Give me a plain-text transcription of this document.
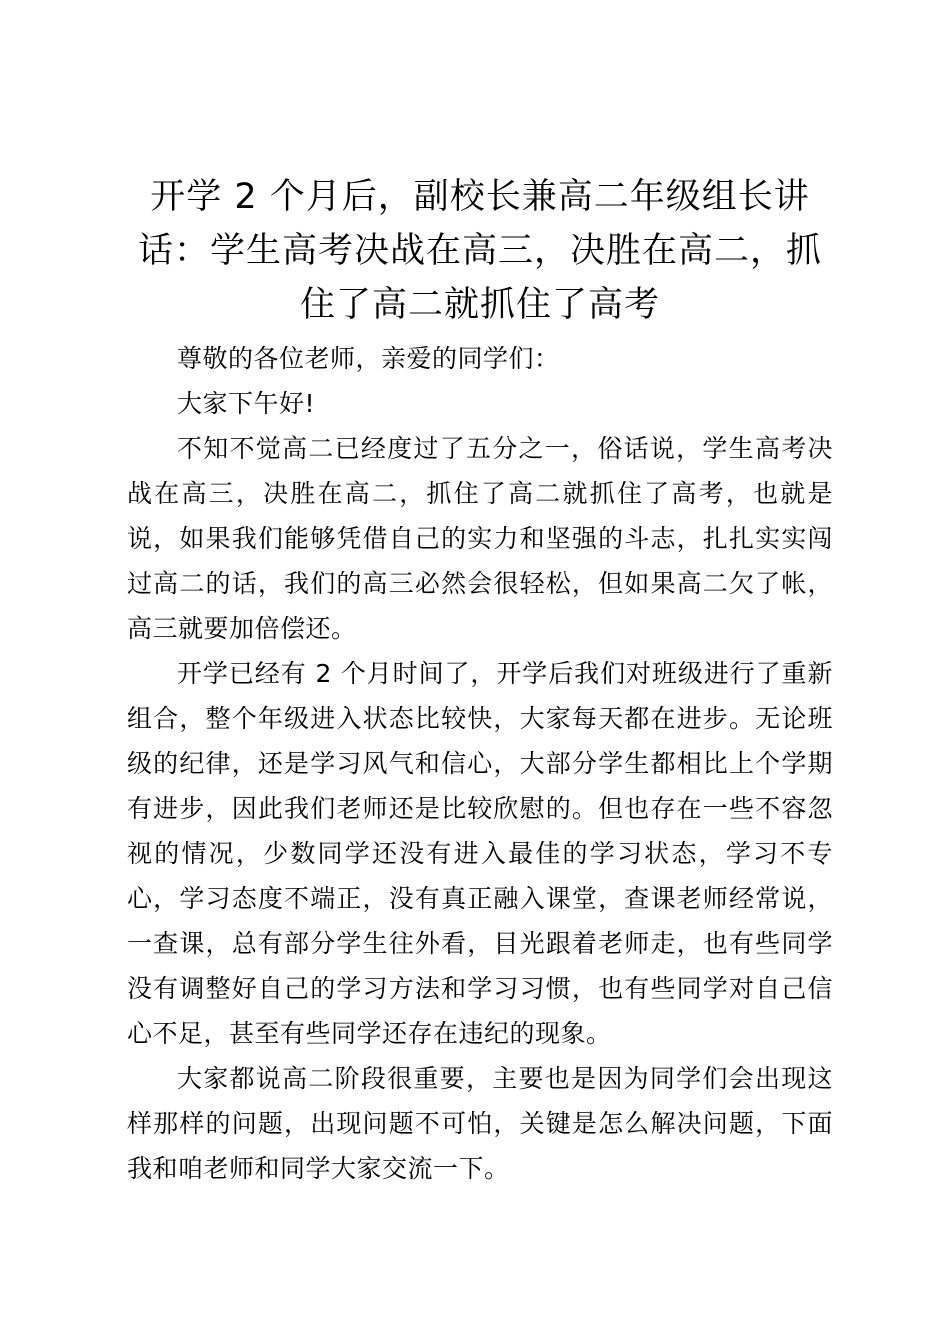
开学 2 个月后，副校长兼高二年级组长讲话：学生高考决战在高三，决胜在高二，抓住了高二就抓住了高考

尊敬的各位老师，亲爱的同学们：

大家下午好!

不知不觉高二已经度过了五分之一，俗话说，学生高考决战在高三，决胜在高二，抓住了高二就抓住了高考，也就是说，如果我们能够凭借自己的实力和坚强的斗志，扎扎实实闯过高二的话，我们的高三必然会很轻松，但如果高二欠了帐，高三就要加倍偿还。

开学已经有 2 个月时间了，开学后我们对班级进行了重新组合，整个年级进入状态比较快，大家每天都在进步。无论班级的纪律，还是学习风气和信心，大部分学生都相比上个学期有进步，因此我们老师还是比较欣慰的。但也存在一些不容忽视的情况，少数同学还没有进入最佳的学习状态，学习不专心，学习态度不端正，没有真正融入课堂，查课老师经常说，一查课，总有部分学生往外看，目光跟着老师走，也有些同学没有调整好自己的学习方法和学习习惯，也有些同学对自己信心不足，甚至有些同学还存在违纪的现象。

大家都说高二阶段很重要，主要也是因为同学们会出现这样那样的问题，出现问题不可怕，关键是怎么解决问题，下面我和咱老师和同学大家交流一下。
